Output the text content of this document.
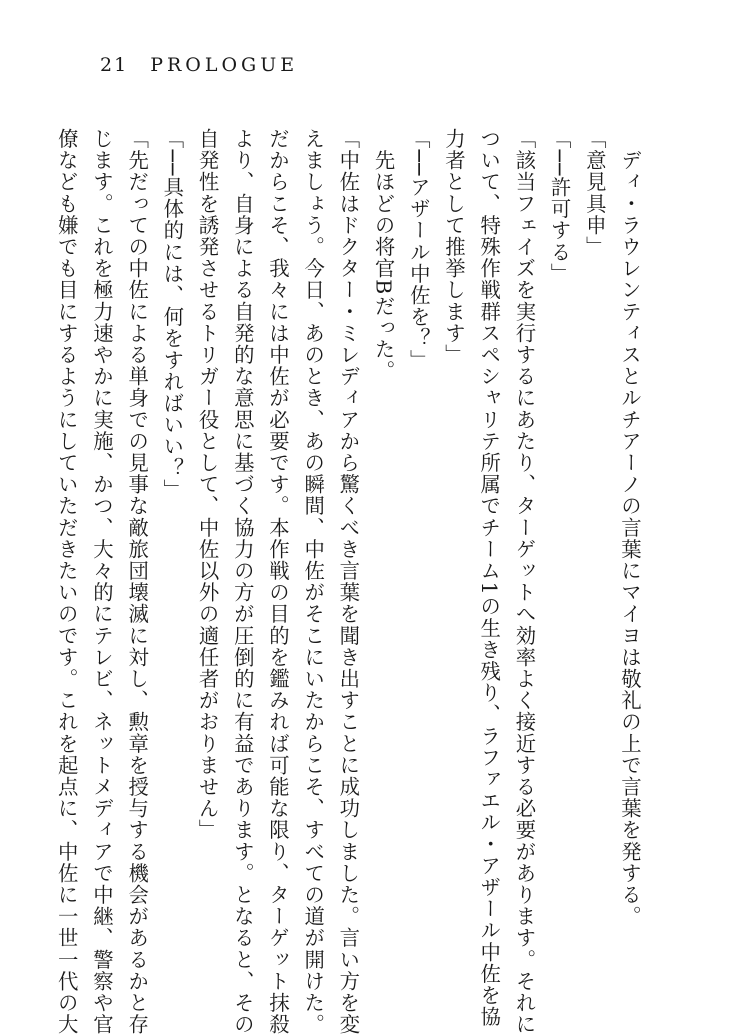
21 PROLOGUE
　ディ・ラウレンティスとルチアーノの言葉にマイヨは敬礼の上で言葉を発する。
「意見具申」
「──許可する」
「該当フェイズを実行するにあたり、ターゲットへ効率よく接近する必要があります。それに
ついて、特殊作戦群スペシャリテ所属でチーム1の生き残り、ラファエル・アザール中佐を協
力者として推挙します」
「──アザール中佐を？」
　先ほどの将官Bだった。
「中佐はドクター・ミレディアから驚くべき言葉を聞き出すことに成功しました。言い方を変
えましょう。今日、あのとき、あの瞬間、中佐がそこにいたからこそ、すべての道が開けた。
だからこそ、我々には中佐が必要です。本作戦の目的を鑑みれば可能な限り、ターゲット抹殺
より、自身による自発的な意思に基づく協力の方が圧倒的に有益であります。となると、その
自発性を誘発させるトリガー役として、中佐以外の適任者がおりません」
「──具体的には、何をすればいい？」
「先だっての中佐による単身での見事な敵旅団壊滅に対し、勲章を授与する機会があるかと存
じます。これを極力速やかに実施、かつ、大々的にテレビ、ネットメディアで中継、警察や官
僚なども嫌でも目にするようにしていただきたいのです。これを起点に、中佐に一世一代の大
